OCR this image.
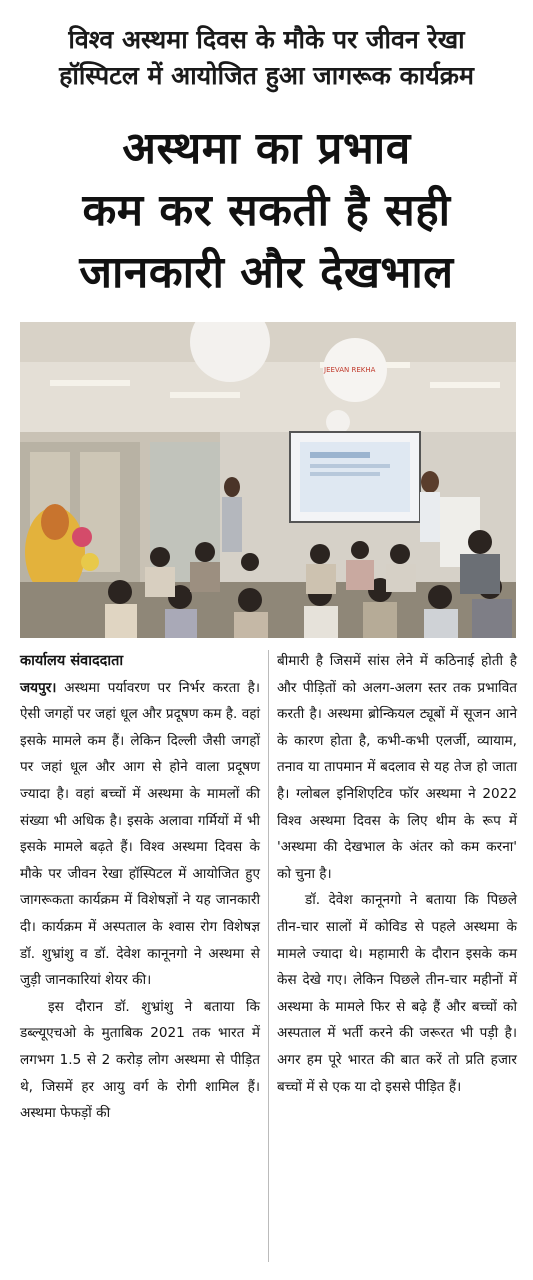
विश्व अस्थमा दिवस के मौके पर जीवन रेखा
हॉस्पिटल में आयोजित हुआ जागरूक कार्यक्रम
अस्थमा का प्रभाव
कम कर सकती है सही
जानकारी और देखभाल
JEEVAN REKHA

कार्यालय संवाददाता

जयपुर। अस्थमा पर्यावरण पर निर्भर करता है। ऐसी जगहों पर जहां धूल और प्रदूषण कम है. वहां इसके मामले कम हैं। लेकिन दिल्ली जैसी जगहों पर जहां धूल और आग से होने वाला प्रदूषण ज्यादा है। वहां बच्चों में अस्थमा के मामलों की संख्या भी अधिक है। इसके अलावा गर्मियों में भी इसके मामले बढ़ते हैं। विश्व अस्थमा दिवस के मौके पर जीवन रेखा हॉस्पिटल में आयोजित हुए जागरूकता कार्यक्रम में विशेषज्ञों ने यह जानकारी दी। कार्यक्रम में अस्पताल के श्वास रोग विशेषज्ञ डॉ. शुभ्रांशु व डॉ. देवेश कानूनगो ने अस्थमा से जुड़ी जानकारियां शेयर की।

इस दौरान डॉ. शुभ्रांशु ने बताया कि डब्ल्यूएचओ के मुताबिक 2021 तक भारत में लगभग 1.5 से 2 करोड़ लोग अस्थमा से पीड़ित थे, जिसमें हर आयु वर्ग के रोगी शामिल हैं। अस्थमा फेफड़ों की

बीमारी है जिसमें सांस लेने में कठिनाई होती है और पीड़ितों को अलग-अलग स्तर तक प्रभावित करती है। अस्थमा ब्रोन्कियल ट्यूबों में सूजन आने के कारण होता है, कभी-कभी एलर्जी, व्यायाम, तनाव या तापमान में बदलाव से यह तेज हो जाता है। ग्लोबल इनिशिएटिव फॉर अस्थमा ने 2022 विश्व अस्थमा दिवस के लिए थीम के रूप में 'अस्थमा की देखभाल के अंतर को कम करना' को चुना है।

डॉ. देवेश कानूनगो ने बताया कि पिछले तीन-चार सालों में कोविड से पहले अस्थमा के मामले ज्यादा थे। महामारी के दौरान इसके कम केस देखे गए। लेकिन पिछले तीन-चार महीनों में अस्थमा के मामले फिर से बढ़े हैं और बच्चों को अस्पताल में भर्ती करने की जरूरत भी पड़ी है। अगर हम पूरे भारत की बात करें तो प्रति हजार बच्चों में से एक या दो इससे पीड़ित हैं।
